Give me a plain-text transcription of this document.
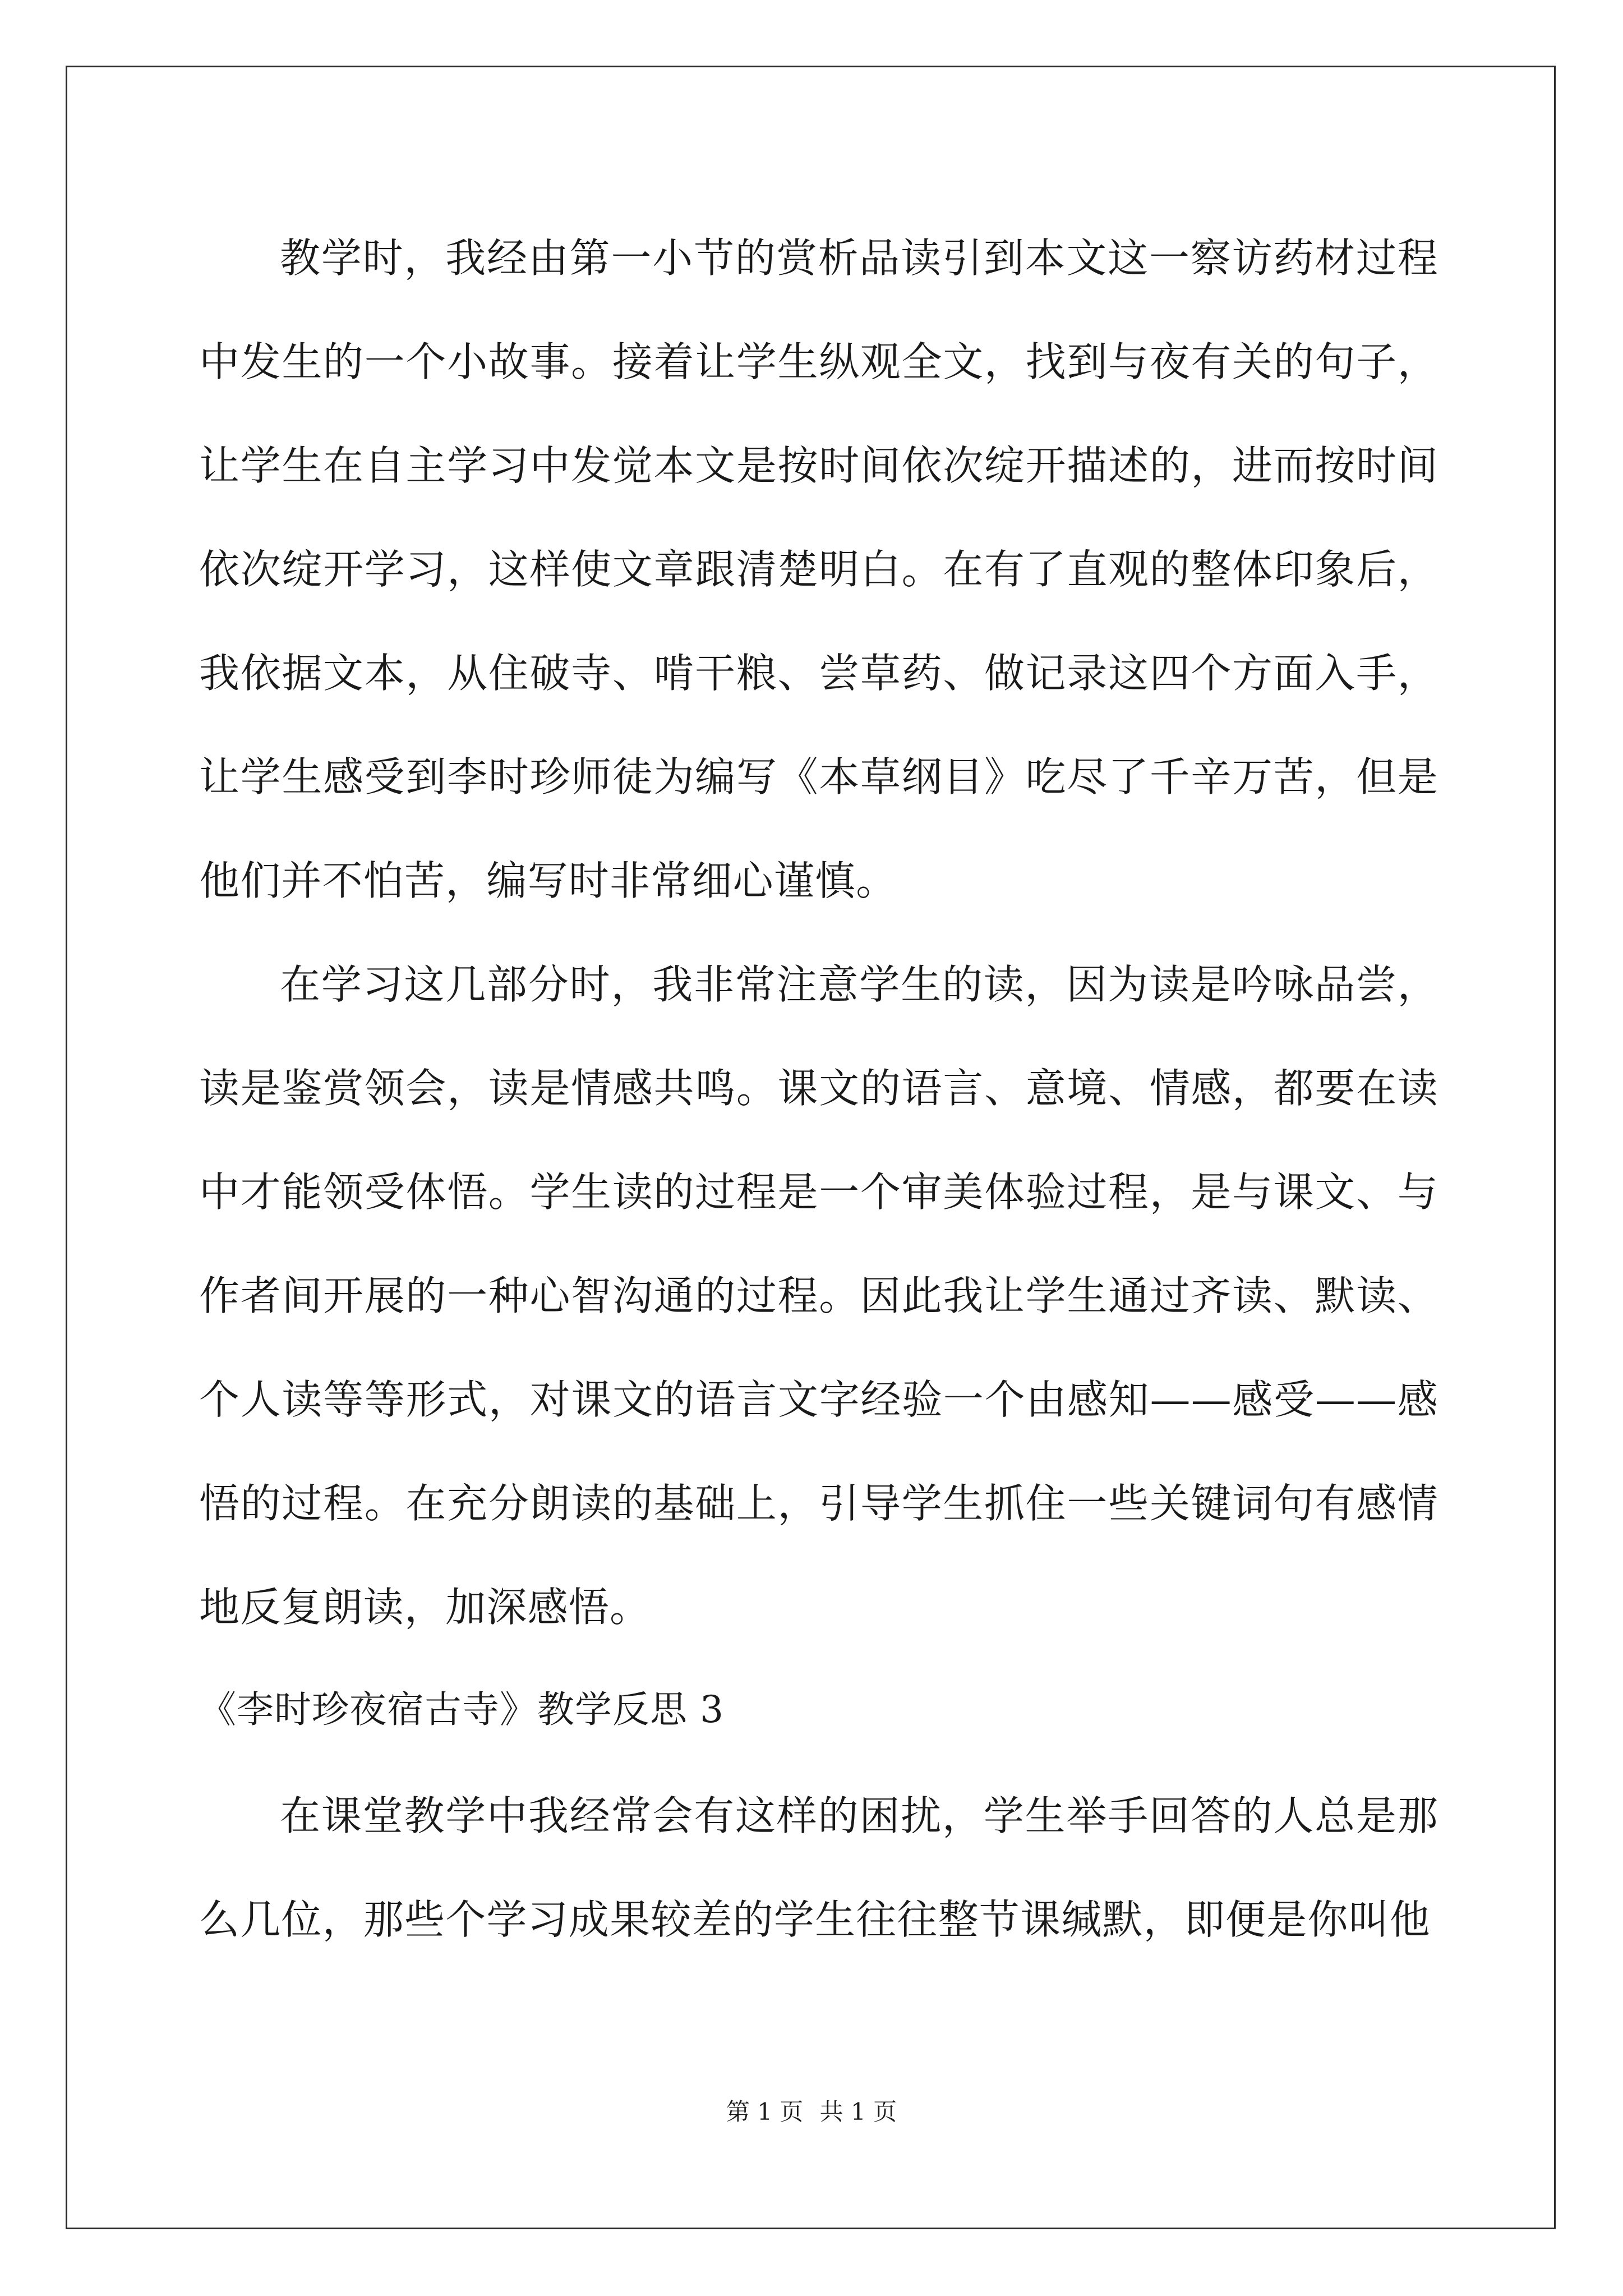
教学时，我经由第一小节的赏析品读引到本文这一察访药材过程中发生的一个小故事。接着让学生纵观全文，找到与夜有关的句子，让学生在自主学习中发觉本文是按时间依次绽开描述的，进而按时间依次绽开学习，这样使文章跟清楚明白。在有了直观的整体印象后，我依据文本，从住破寺、啃干粮、尝草药、做记录这四个方面入手，让学生感受到李时珍师徒为编写《本草纲目》吃尽了千辛万苦，但是他们并不怕苦，编写时非常细心谨慎。

在学习这几部分时，我非常注意学生的读，因为读是吟咏品尝，读是鉴赏领会，读是情感共鸣。课文的语言、意境、情感，都要在读中才能领受体悟。学生读的过程是一个审美体验过程，是与课文、与作者间开展的一种心智沟通的过程。因此我让学生通过齐读、默读、个人读等等形式，对课文的语言文字经验一个由感知——感受——感悟的过程。在充分朗读的基础上，引导学生抓住一些关键词句有感情地反复朗读，加深感悟。

《李时珍夜宿古寺》教学反思 3

在课堂教学中我经常会有这样的困扰，学生举手回答的人总是那么几位，那些个学习成果较差的学生往往整节课缄默，即便是你叫他

第 1 页 共 1 页
